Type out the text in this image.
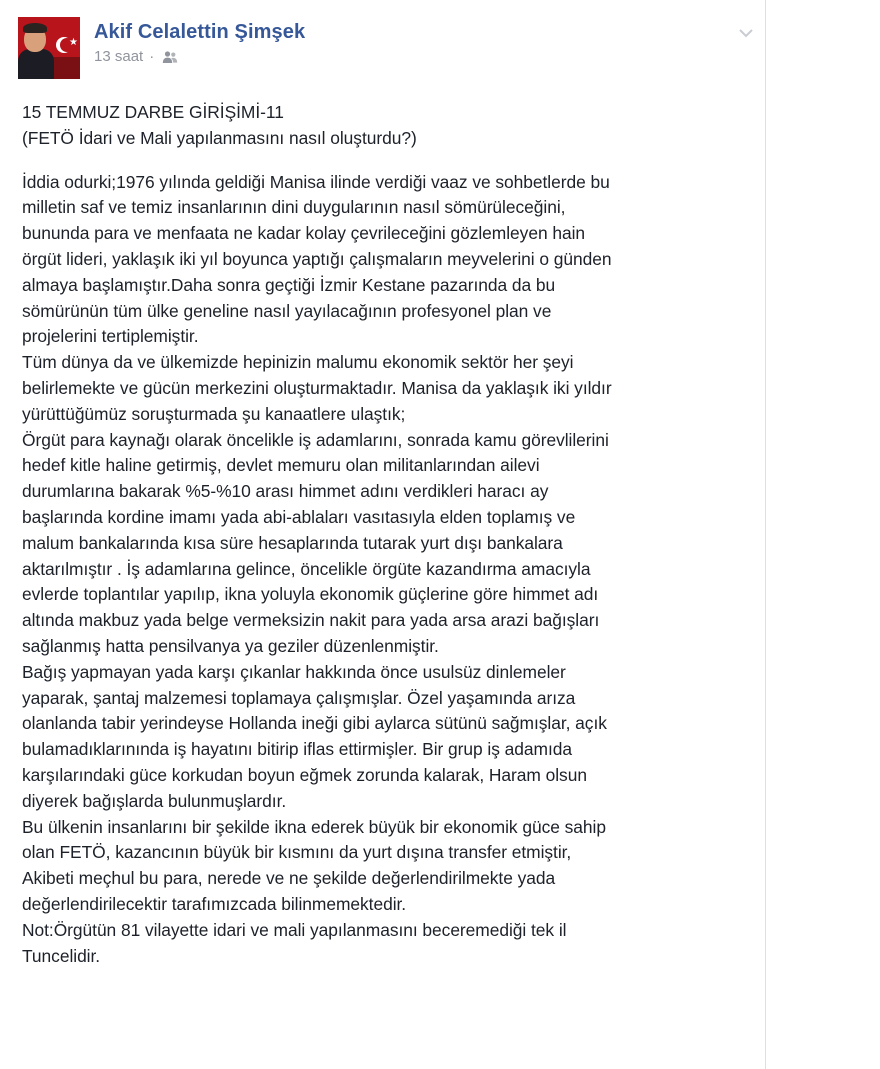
★ Akif Celalettin Şimşek
13 saat ·

15 TEMMUZ DARBE GİRİŞİMİ-11

(FETÖ İdari ve Mali yapılanmasını nasıl oluşturdu?)

İddia odurki;1976 yılında geldiği Manisa ilinde verdiği vaaz ve sohbetlerde bu

milletin saf ve temiz insanlarının dini duygularının nasıl sömürüleceğini,

bununda para ve menfaata ne kadar kolay çevrileceğini gözlemleyen hain

örgüt lideri, yaklaşık iki yıl boyunca yaptığı çalışmaların meyvelerini o günden

almaya başlamıştır.Daha sonra geçtiği İzmir Kestane pazarında da bu

sömürünün tüm ülke geneline nasıl yayılacağının profesyonel plan ve

projelerini tertiplemiştir.

Tüm dünya da ve ülkemizde hepinizin malumu ekonomik sektör her şeyi

belirlemekte ve gücün merkezini oluşturmaktadır. Manisa da yaklaşık iki yıldır

yürüttüğümüz soruşturmada şu kanaatlere ulaştık;

Örgüt para kaynağı olarak öncelikle iş adamlarını, sonrada kamu görevlilerini

hedef kitle haline getirmiş, devlet memuru olan militanlarından ailevi

durumlarına bakarak %5-%10 arası himmet adını verdikleri haracı ay

başlarında kordine imamı yada abi-ablaları vasıtasıyla elden toplamış ve

malum bankalarında kısa süre hesaplarında tutarak yurt dışı bankalara

aktarılmıştır . İş adamlarına gelince, öncelikle örgüte kazandırma amacıyla

evlerde toplantılar yapılıp, ikna yoluyla ekonomik güçlerine göre himmet adı

altında makbuz yada belge vermeksizin nakit para yada arsa arazi bağışları

sağlanmış hatta pensilvanya ya geziler düzenlenmiştir.

Bağış yapmayan yada karşı çıkanlar hakkında önce usulsüz dinlemeler

yaparak, şantaj malzemesi toplamaya çalışmışlar. Özel yaşamında arıza

olanlanda tabir yerindeyse Hollanda ineği gibi aylarca sütünü sağmışlar, açık

bulamadıklarınında iş hayatını bitirip iflas ettirmişler. Bir grup iş adamıda

karşılarındaki güce korkudan boyun eğmek zorunda kalarak, Haram olsun

diyerek bağışlarda bulunmuşlardır.

Bu ülkenin insanlarını bir şekilde ikna ederek büyük bir ekonomik güce sahip

olan FETÖ, kazancının büyük bir kısmını da yurt dışına transfer etmiştir,

Akibeti meçhul bu para, nerede ve ne şekilde değerlendirilmekte yada

değerlendirilecektir tarafımızcada bilinmemektedir.

Not:Örgütün 81 vilayette idari ve mali yapılanmasını beceremediği tek il

Tuncelidir.
